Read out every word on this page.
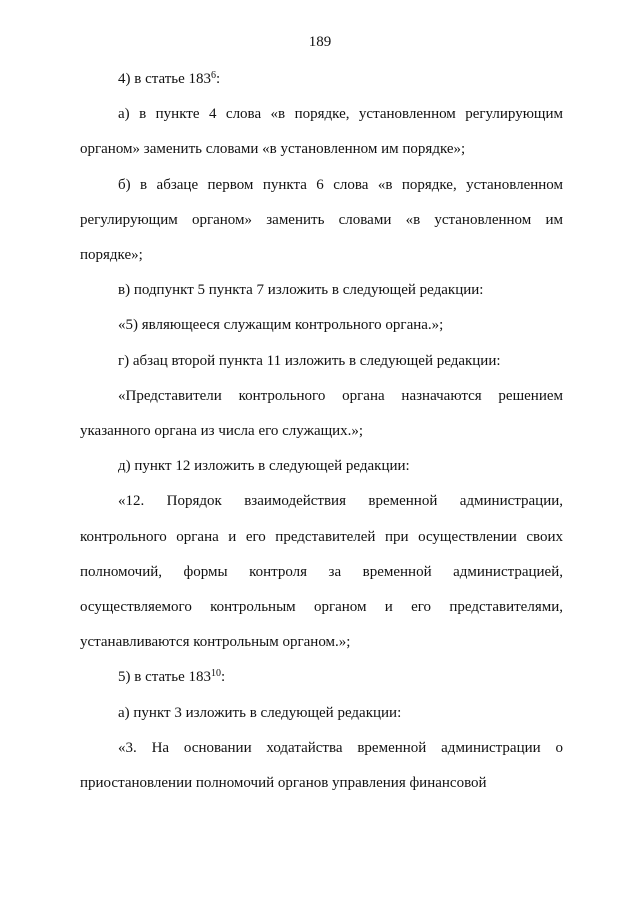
189

4) в статье $183^6$:

а) в пункте 4 слова «в порядке, установленном регулирующим органом» заменить словами «в установленном им порядке»;

б) в абзаце первом пункта 6 слова «в порядке, установленном регулирующим органом» заменить словами «в установленном им порядке»;

в) подпункт 5 пункта 7 изложить в следующей редакции:

«5) являющееся служащим контрольного органа.»;

г) абзац второй пункта 11 изложить в следующей редакции:

«Представители контрольного органа назначаются решением указанного органа из числа его служащих.»;

д) пункт 12 изложить в следующей редакции:

«12. Порядок взаимодействия временной администрации, контрольного органа и его представителей при осуществлении своих полномочий, формы контроля за временной администрацией, осуществляемого контрольным органом и его представителями, устанавливаются контрольным органом.»;

5) в статье $183^{10}$:

а) пункт 3 изложить в следующей редакции:

«3. На основании ходатайства временной администрации о приостановлении полномочий органов управления финансовой
